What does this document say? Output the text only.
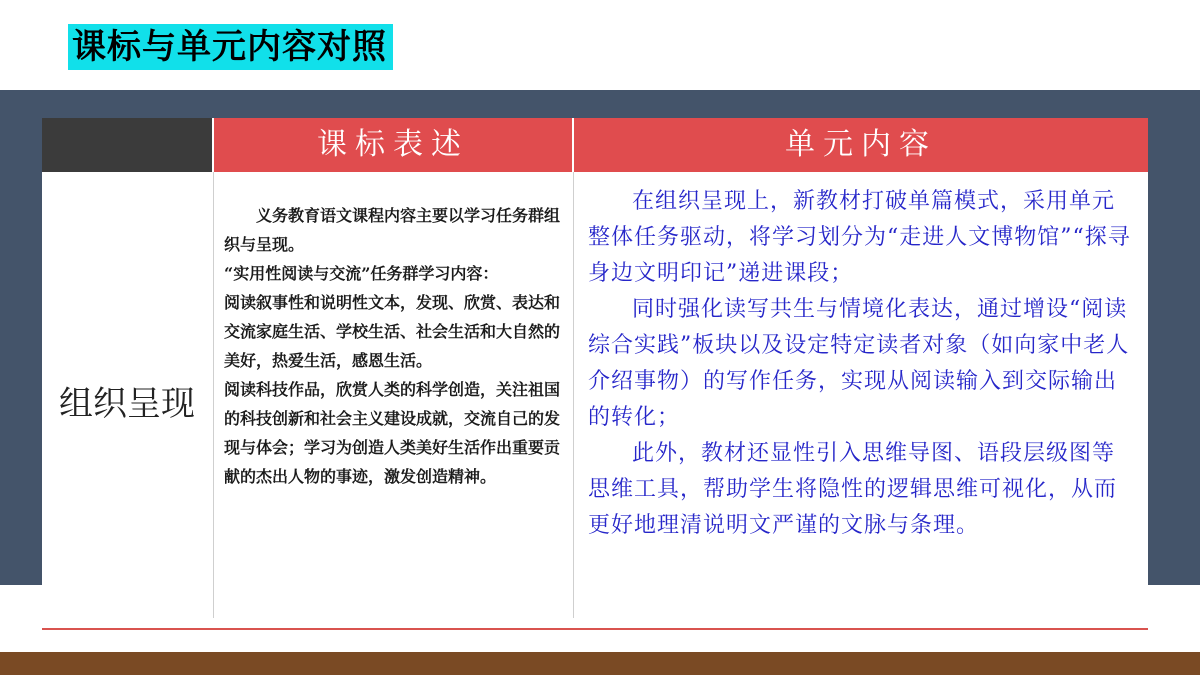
课标与单元内容对照
课标表述	单元内容
组织呈现

义务教育语文课程内容主要以学习任务群组织与呈现。

“实用性阅读与交流”任务群学习内容：

阅读叙事性和说明性文本，发现、欣赏、表达和交流家庭生活、学校生活、社会生活和大自然的美好，热爱生活，感恩生活。

阅读科技作品，欣赏人类的科学创造，关注祖国的科技创新和社会主义建设成就，交流自己的发现与体会；学习为创造人类美好生活作出重要贡献的杰出人物的事迹，激发创造精神。

在组织呈现上，新教材打破单篇模式，采用单元整体任务驱动，将学习划分为“走进人文博物馆”“探寻身边文明印记”递进课段；

同时强化读写共生与情境化表达，通过增设“阅读综合实践”板块以及设定特定读者对象（如向家中老人介绍事物）的写作任务，实现从阅读输入到交际输出的转化；

此外，教材还显性引入思维导图、语段层级图等思维工具，帮助学生将隐性的逻辑思维可视化，从而更好地理清说明文严谨的文脉与条理。
